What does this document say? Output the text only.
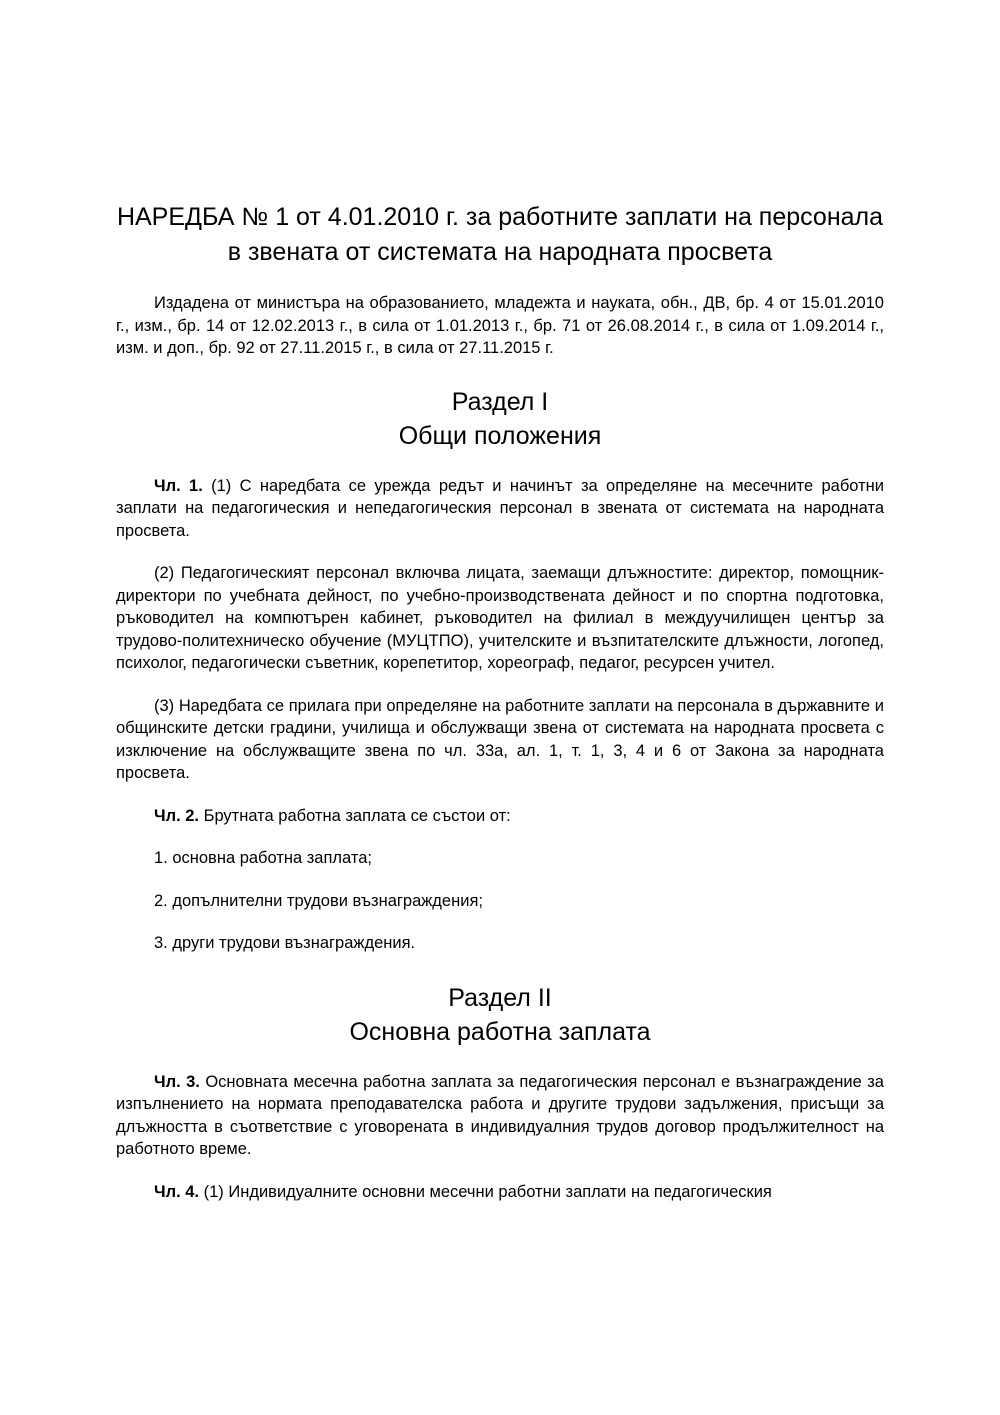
НАРЕДБА № 1 от 4.01.2010 г. за работните заплати на персонала в звената от системата на народната просвета

Издадена от министъра на образованието, младежта и науката, обн., ДВ, бр. 4 от 15.01.2010 г., изм., бр. 14 от 12.02.2013 г., в сила от 1.01.2013 г., бр. 71 от 26.08.2014 г., в сила от 1.09.2014 г., изм. и доп., бр. 92 от 27.11.2015 г., в сила от 27.11.2015 г.

Раздел I
Общи положения

Чл. 1. (1) С наредбата се урежда редът и начинът за определяне на месечните работни заплати на педагогическия и непедагогическия персонал в звената от системата на народната просвета.

(2) Педагогическият персонал включва лицата, заемащи длъжностите: директор, помощник-директори по учебната дейност, по учебно-производствената дейност и по спортна подготовка, ръководител на компютърен кабинет, ръководител на филиал в междуучилищен център за трудово-политехническо обучение (МУЦТПО), учителските и възпитателските длъжности, логопед, психолог, педагогически съветник, корепетитор, хореограф, педагог, ресурсен учител.

(3) Наредбата се прилага при определяне на работните заплати на персонала в държавните и общинските детски градини, училища и обслужващи звена от системата на народната просвета с изключение на обслужващите звена по чл. 33а, ал. 1, т. 1, 3, 4 и 6 от Закона за народната просвета.

Чл. 2. Брутната работна заплата се състои от:

1. основна работна заплата;

2. допълнителни трудови възнаграждения;

3. други трудови възнаграждения.

Раздел II
Основна работна заплата

Чл. 3. Основната месечна работна заплата за педагогическия персонал е възнаграждение за изпълнението на нормата преподавателска работа и другите трудови задължения, присъщи за длъжността в съответствие с уговорената в индивидуалния трудов договор продължителност на работното време.

Чл. 4. (1) Индивидуалните основни месечни работни заплати на педагогическия
